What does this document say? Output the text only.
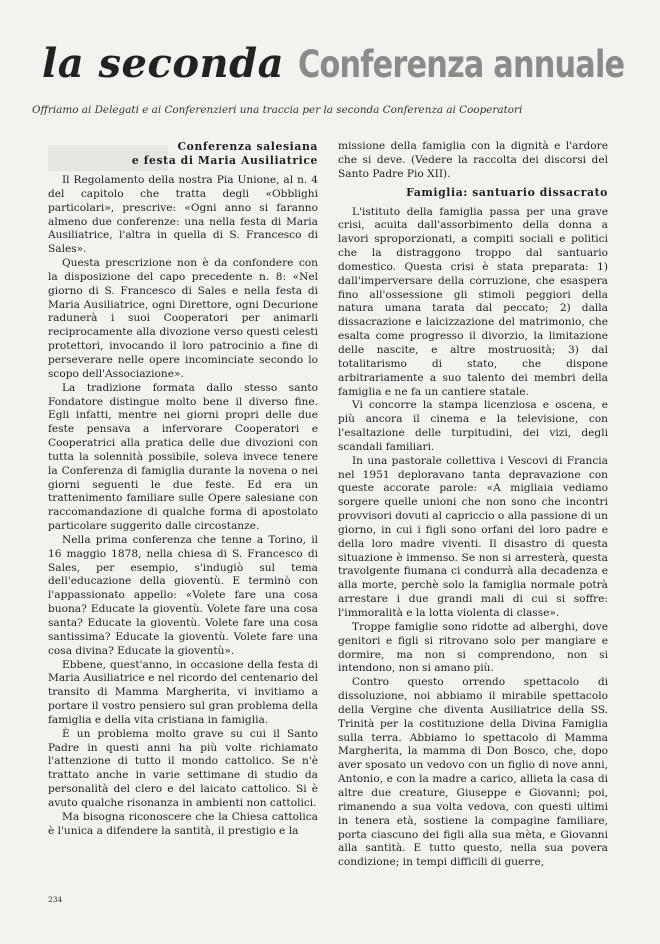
la seconda Conferenza annuale
Offriamo ai Delegati e ai Conferenzieri una traccia per la seconda Conferenza ai Cooperatori
Conferenza salesiana
e festa di Maria Ausiliatrice

Il Regolamento della nostra Pia Unione, al n. 4 del capitolo che tratta degli «Obblighi particolari», prescrive: «Ogni anno si faranno almeno due conferenze: una nella festa di Maria Ausiliatrice, l'altra in quella di S. Francesco di Sales».

Questa prescrizione non è da confondere con la disposizione del capo precedente n. 8: «Nel giorno di S. Francesco di Sales e nella festa di Maria Ausiliatrice, ogni Direttore, ogni Decurione radunerà i suoi Cooperatori per animarli reciprocamente alla divozione verso questi celesti protettori, invocando il loro patrocinio a fine di perseverare nelle opere incominciate secondo lo scopo dell'Associazione».

La tradizione formata dallo stesso santo Fondatore distingue molto bene il diverso fine. Egli infatti, mentre nei giorni propri delle due feste pensava a infervorare Cooperatori e Cooperatrici alla pratica delle due divozioni con tutta la solennità possibile, soleva invece tenere la Conferenza di famiglia durante la novena o nei giorni seguenti le due feste. Ed era un trattenimento familiare sulle Opere salesiane con raccomandazione di qualche forma di apostolato particolare suggerito dalle circostanze.

Nella prima conferenza che tenne a Torino, il 16 maggio 1878, nella chiesa di S. Francesco di Sales, per esempio, s'indugiò sul tema dell'educazione della gioventù. E terminò con l'appassionato appello: «Volete fare una cosa buona? Educate la gioventù. Volete fare una cosa santa? Educate la gioventù. Volete fare una cosa santissima? Educate la gioventù. Volete fare una cosa divina? Educate la gioventù».

Ebbene, quest'anno, in occasione della festa di Maria Ausiliatrice e nel ricordo del centenario del transito di Mamma Margherita, vi invitiamo a portare il vostro pensiero sul gran problema della famiglia e della vita cristiana in famiglia.

È un problema molto grave su cui il Santo Padre in questi anni ha più volte richiamato l'attenzione di tutto il mondo cattolico. Se n'è trattato anche in varie settimane di studio da personalità del clero e del laicato cattolico. Si è avuto qualche risonanza in ambienti non cattolici.

Ma bisogna riconoscere che la Chiesa cattolica è l'unica a difendere la santità, il prestigio e la

missione della famiglia con la dignità e l'ardore che si deve. (Vedere la raccolta dei discorsi del Santo Padre Pio XII).

Famiglia: santuario dissacrato

L'istituto della famiglia passa per una grave crisi, acuita dall'assorbimento della donna a lavori sproporzionati, a compiti sociali e politici che la distraggono troppo dal santuario domestico. Questa crisi è stata preparata: 1) dall'imperversare della corruzione, che esaspera fino all'ossessione gli stimoli peggiori della natura umana tarata dal peccato; 2) dalla dissacrazione e laicizzazione del matrimonio, che esalta come progresso il divorzio, la limitazione delle nascite, e altre mostruosità; 3) dal totalitarismo di stato, che dispone arbitrariamente a suo talento dei membri della famiglia e ne fa un cantiere statale.

Vi concorre la stampa licenziosa e oscena, e più ancora il cinema e la televisione, con l'esaltazione delle turpitudini, dei vizi, degli scandali familiari.

In una pastorale collettiva i Vescovi di Francia nel 1951 deploravano tanta depravazione con queste accorate parole: «A migliaia vediamo sorgere quelle unioni che non sono che incontri provvisori dovuti al capriccio o alla passione di un giorno, in cui i figli sono orfani del loro padre e della loro madre viventi. Il disastro di questa situazione è immenso. Se non si arresterà, questa travolgente fiumana ci condurrà alla decadenza e alla morte, perchè solo la famiglia normale potrà arrestare i due grandi mali di cui si soffre: l'immoralità e la lotta violenta di classe».

Troppe famiglie sono ridotte ad alberghi, dove genitori e figli si ritrovano solo per mangiare e dormire, ma non si comprendono, non si intendono, non si amano più.

Contro questo orrendo spettacolo di dissoluzione, noi abbiamo il mirabile spettacolo della Vergine che diventa Ausiliatrice della SS. Trinità per la costituzione della Divina Famiglia sulla terra. Abbiamo lo spettacolo di Mamma Margherita, la mamma di Don Bosco, che, dopo aver sposato un vedovo con un figlio di nove anni, Antonio, e con la madre a carico, allieta la casa di altre due creature, Giuseppe e Giovanni; poi, rimanendo a sua volta vedova, con questi ultimi in tenera età, sostiene la compagine familiare, porta ciascuno dei figli alla sua mèta, e Giovanni alla santità. E tutto questo, nella sua povera condizione; in tempi difficili di guerre,

234
